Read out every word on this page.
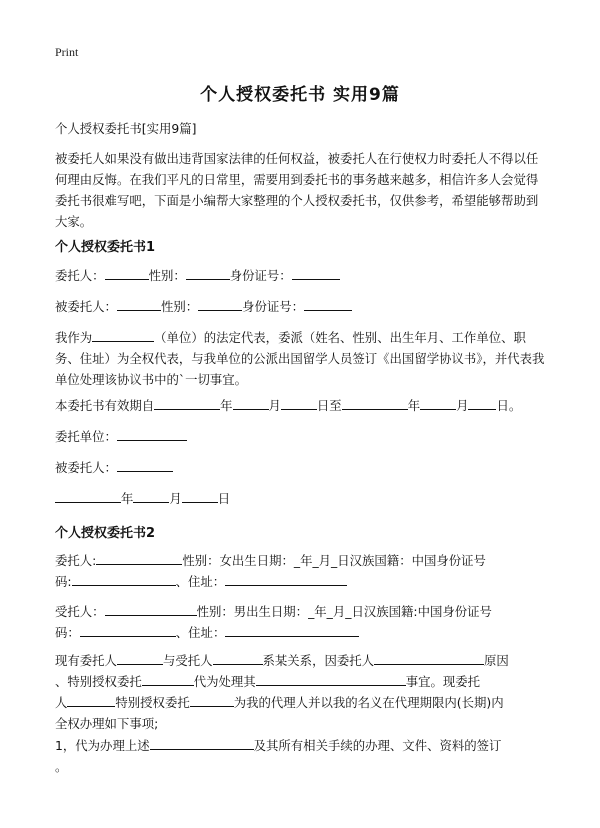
Print
个人授权委托书 实用9篇
个人授权委托书[实用9篇]
被委托人如果没有做出违背国家法律的任何权益，被委托人在行使权力时委托人不得以任何理由反悔。在我们平凡的日常里，需要用到委托书的事务越来越多，相信许多人会觉得委托书很难写吧，下面是小编帮大家整理的个人授权委托书，仅供参考，希望能够帮助到大家。
个人授权委托书1
委托人：	性别：	身份证号：
被委托人：	性别：	身份证号：
我作为	（单位）的法定代表，委派（姓名、性别、出生年月、工作单位、职务、住址）为全权代表，与我单位的公派出国留学人员签订《出国留学协议书》，并代表我单位处理该协议书中的`一切事宜。
本委托书有效期自	年	月	日至	年	月 日。
委托单位：
被委托人：
年	月	日
个人授权委托书2
委托人:	性别：女出生日期：_年_月_日汉族国籍：中国身份证号
码:	、住址：
受托人：	性别：男出生日期：_年_月_日汉族国籍:中国身份证号
码：	、住址：
现有委托人	与受托人	系某关系，因委托人	原因
、特别授权委托	代为处理其	事宜。现委托
人	特别授权委托	为我的代理人并以我的名义在代理期限内(长期)内
全权办理如下事项;
1，代为办理上述	及其所有相关手续的办理、文件、资料的签订
。
